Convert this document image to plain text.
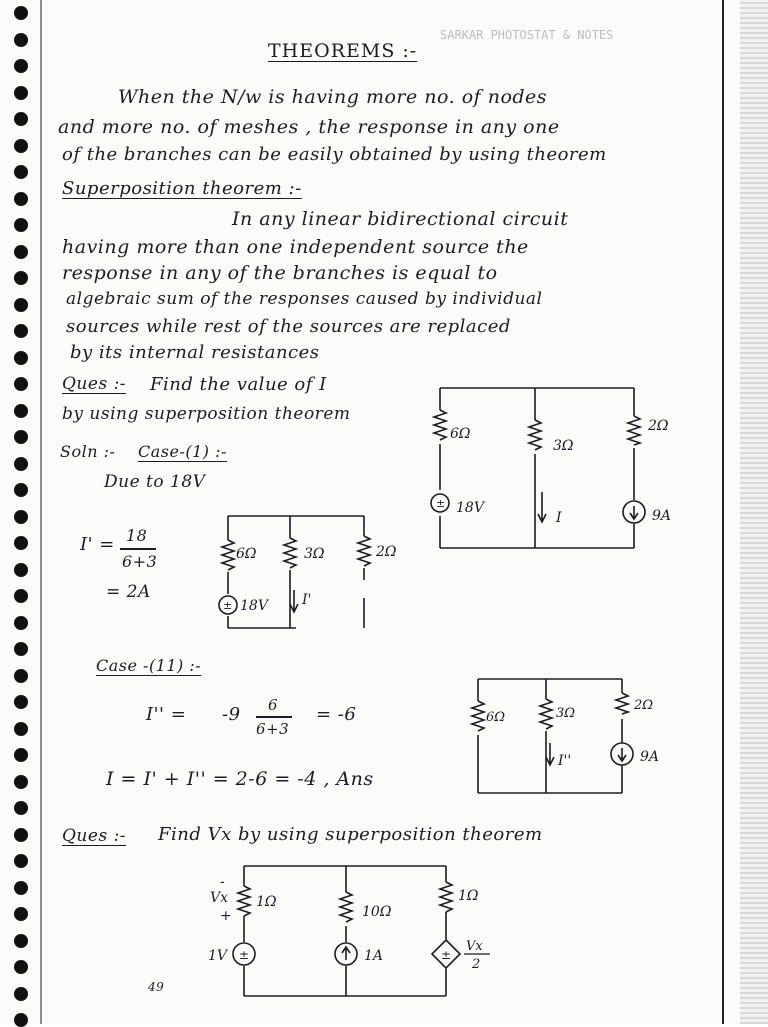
THEOREMS :-
SARKAR PHOTOSTAT & NOTES
When the N/w is having more no. of nodes
and more no. of meshes , the response in any one
of the branches can be easily obtained by using theorem
Superposition theorem :-
In any linear bidirectional circuit
having more than one independent source the
response in any of the branches is equal to
algebraic sum of the responses caused by individual
sources while rest of the sources are replaced
by its internal resistances
Ques :- Find the value of I
by using superposition theorem
Soln :- Case-(1) :-
Due to 18V
I' = 18
6+3
= 2A
Case -(11) :-
I'' = -9 6
6+3
= -6
I = I' + I'' = 2-6 = -4 , Ans
Ques :- Find Vx by using superposition theorem
49
±
6Ω
3Ω
2Ω
18V
I	9A
±
6Ω	3Ω	2Ω
18V I'
6Ω	3Ω
2Ω
I''	9A
±	±
Vx
-
+
1Ω
10Ω
1Ω
1V	1A
Vx
2
